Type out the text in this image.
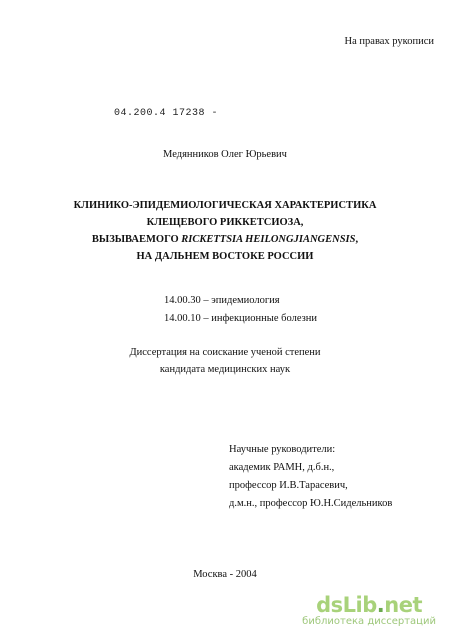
На правах рукописи
04.200.4 17238 -
Медянников Олег Юрьевич
КЛИНИКО-ЭПИДЕМИОЛОГИЧЕСКАЯ ХАРАКТЕРИСТИКА
КЛЕЩЕВОГО РИККЕТСИОЗА,
ВЫЗЫВАЕМОГО RICKETTSIA HEILONGJIANGENSIS,
НА ДАЛЬНЕМ ВОСТОКЕ РОССИИ
14.00.30 – эпидемиология
14.00.10 – инфекционные болезни
Диссертация на соискание ученой степени
кандидата медицинских наук
Научные руководители:
академик РАМН, д.б.н.,
профессор И.В.Тарасевич,
д.м.н., профессор Ю.Н.Сидельников
Москва - 2004
dsLib.net
библиотека диссертаций
